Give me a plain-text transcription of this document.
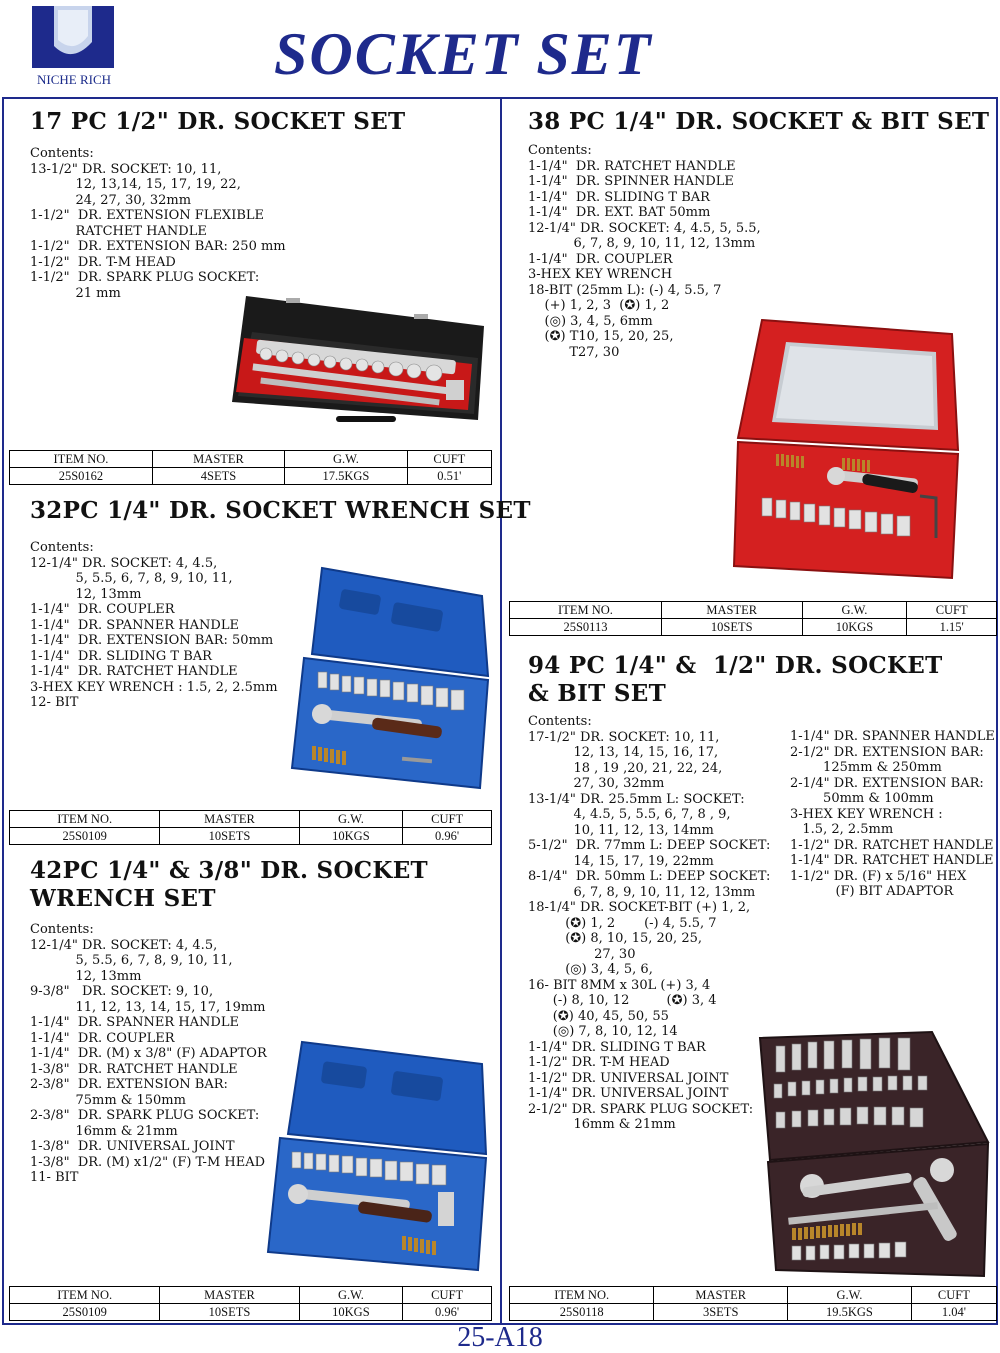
NICHE RICH	SOCKET SET
17 PC 1/2" DR. SOCKET SET
Contents:
13-1/2" DR. SOCKET: 10, 11,
12, 13,14, 15, 17, 19, 22,
24, 27, 30, 32mm
1-1/2"  DR. EXTENSION FLEXIBLE
RATCHET HANDLE
1-1/2"  DR. EXTENSION BAR: 250 mm
1-1/2"  DR. T-M HEAD
1-1/2"  DR. SPARK PLUG SOCKET:
21 mm
ITEM NO.	MASTER	G.W.	CUFT
25S0162	4SETS	17.5KGS	0.51'
32PC 1/4" DR. SOCKET WRENCH SET
Contents:
12-1/4" DR. SOCKET: 4, 4.5,
5, 5.5, 6, 7, 8, 9, 10, 11,
12, 13mm
1-1/4"  DR. COUPLER
1-1/4"  DR. SPANNER HANDLE
1-1/4"  DR. EXTENSION BAR: 50mm
1-1/4"  DR. SLIDING T BAR
1-1/4"  DR. RATCHET HANDLE
3-HEX KEY WRENCH : 1.5, 2, 2.5mm
12- BIT
ITEM NO.	MASTER	G.W.	CUFT
25S0109	10SETS	10KGS	0.96'
42PC 1/4" & 3/8" DR. SOCKET
WRENCH SET
Contents:
12-1/4" DR. SOCKET: 4, 4.5,
5, 5.5, 6, 7, 8, 9, 10, 11,
12, 13mm
9-3/8"   DR. SOCKET: 9, 10,
11, 12, 13, 14, 15, 17, 19mm
1-1/4"  DR. SPANNER HANDLE
1-1/4"  DR. COUPLER
1-1/4"  DR. (M) x 3/8" (F) ADAPTOR
1-3/8"  DR. RATCHET HANDLE
2-3/8"  DR. EXTENSION BAR:
75mm & 150mm
2-3/8"  DR. SPARK PLUG SOCKET:
16mm & 21mm
1-3/8"  DR. UNIVERSAL JOINT
1-3/8"  DR. (M) x1/2" (F) T-M HEAD
11- BIT
ITEM NO.	MASTER	G.W.	CUFT
25S0109	10SETS	10KGS	0.96'
38 PC 1/4" DR. SOCKET & BIT SET
Contents:
1-1/4"  DR. RATCHET HANDLE
1-1/4"  DR. SPINNER HANDLE
1-1/4"  DR. SLIDING T BAR
1-1/4"  DR. EXT. BAT 50mm
12-1/4" DR. SOCKET: 4, 4.5, 5, 5.5,
6, 7, 8, 9, 10, 11, 12, 13mm
1-1/4"  DR. COUPLER
3-HEX KEY WRENCH
18-BIT (25mm L): (-) 4, 5.5, 7
(+) 1, 2, 3  (✪) 1, 2
(◎) 3, 4, 5, 6mm
(✪) T10, 15, 20, 25,
T27, 30
ITEM NO.	MASTER	G.W.	CUFT
25S0113	10SETS	10KGS	1.15'
94 PC 1/4" &  1/2" DR. SOCKET
& BIT SET
Contents:
17-1/2" DR. SOCKET: 10, 11,
12, 13, 14, 15, 16, 17,
18 , 19 ,20, 21, 22, 24,
27, 30, 32mm
13-1/4" DR. 25.5mm L: SOCKET:
4, 4.5, 5, 5.5, 6, 7, 8 , 9,
10, 11, 12, 13, 14mm
5-1/2"  DR. 77mm L: DEEP SOCKET:
14, 15, 17, 19, 22mm
8-1/4"  DR. 50mm L: DEEP SOCKET:
6, 7, 8, 9, 10, 11, 12, 13mm
18-1/4" DR. SOCKET-BIT (+) 1, 2,
(✪) 1, 2       (-) 4, 5.5, 7
(✪) 8, 10, 15, 20, 25,
27, 30
(◎) 3, 4, 5, 6,
16- BIT 8MM x 30L (+) 3, 4
(-) 8, 10, 12         (✪) 3, 4
(✪) 40, 45, 50, 55
(◎) 7, 8, 10, 12, 14
1-1/4" DR. SLIDING T BAR
1-1/2" DR. T-M HEAD
1-1/2" DR. UNIVERSAL JOINT
1-1/4" DR. UNIVERSAL JOINT
2-1/2" DR. SPARK PLUG SOCKET:
16mm & 21mm
1-1/4" DR. SPANNER HANDLE
2-1/2" DR. EXTENSION BAR:
125mm & 250mm
2-1/4" DR. EXTENSION BAR:
50mm & 100mm
3-HEX KEY WRENCH :
1.5, 2, 2.5mm
1-1/2" DR. RATCHET HANDLE
1-1/4" DR. RATCHET HANDLE
1-1/2" DR. (F) x 5/16" HEX
(F) BIT ADAPTOR
ITEM NO.	MASTER	G.W.	CUFT
25S0118	3SETS	19.5KGS	1.04'
25-A18
